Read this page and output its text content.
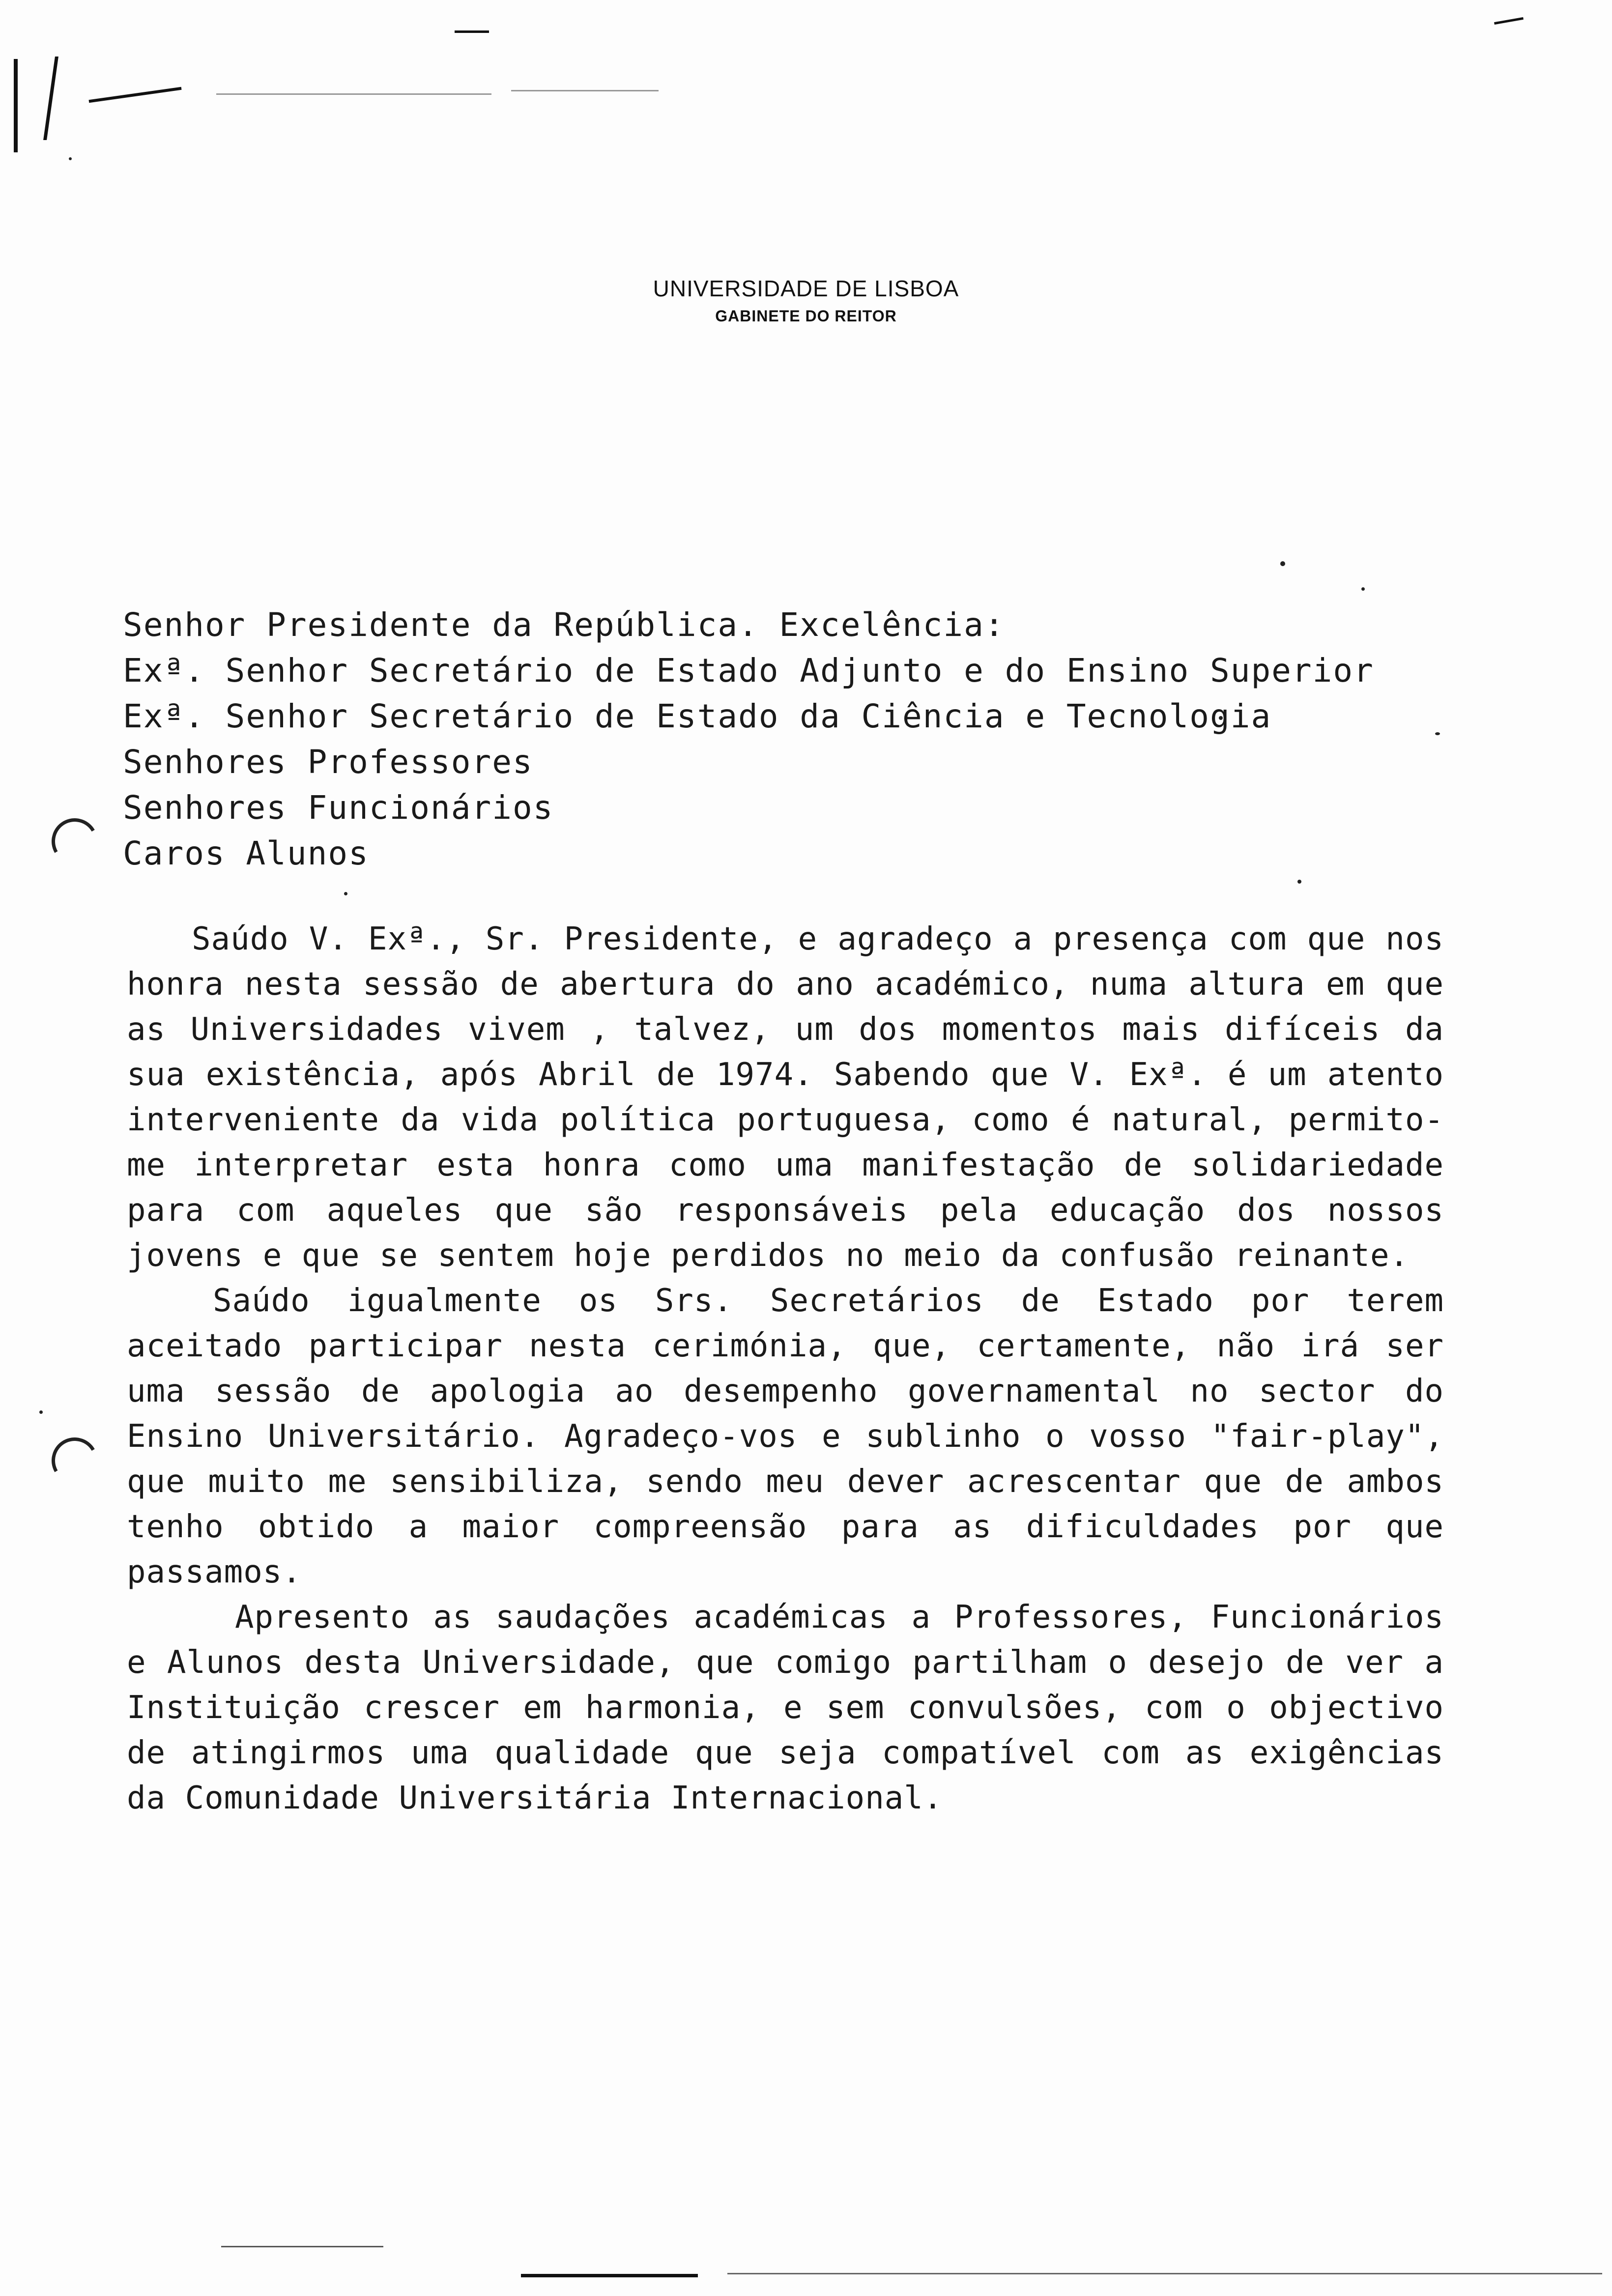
UNIVERSIDADE DE LISBOA
GABINETE DO REITOR
Senhor Presidente da República. Excelência:
Exª. Senhor Secretário de Estado Adjunto e do Ensino Superior
Exª. Senhor Secretário de Estado da Ciência e Tecnologia
Senhores Professores
Senhores Funcionários
Caros Alunos

Saúdo V. Exª., Sr. Presidente, e agradeço a presença com que nos honra nesta sessão de abertura do ano académico, numa altura em que as Universidades vivem , talvez, um dos momentos mais difíceis da sua existência, após Abril de 1974. Sabendo que V. Exª. é um atento interveniente da vida política portuguesa, como é natural, permito-me interpretar esta honra como uma manifestação de solidariedade para com aqueles que são responsáveis pela educação dos nossos jovens e que se sentem hoje perdidos no meio da confusão reinante.

Saúdo igualmente os Srs. Secretários de Estado por terem aceitado participar nesta cerimónia, que, certamente, não irá ser uma sessão de apologia ao desempenho governamental no sector do Ensino Universitário. Agradeço-vos e sublinho o vosso "fair-play", que muito me sensibiliza, sendo meu dever acrescentar que de ambos tenho obtido a maior compreensão para as dificuldades por que passamos.

Apresento as saudações académicas a Professores, Funcionários e Alunos desta Universidade, que comigo partilham o desejo de ver a Instituição crescer em harmonia, e sem convulsões, com o objectivo de atingirmos uma qualidade que seja compatível com as exigências da Comunidade Universitária Internacional.
